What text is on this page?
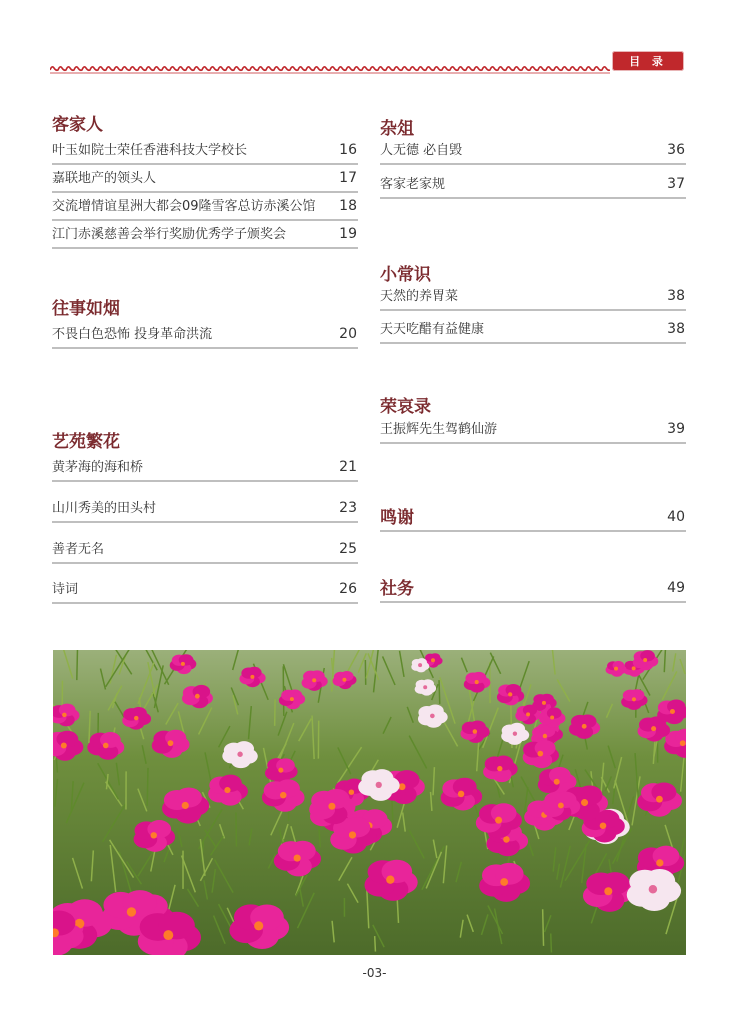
目 录
客家人
叶玉如院士荣任香港科技大学校长	16
嘉联地产的领头人	17
交流增情谊星洲大都会09隆雪客总访赤溪公馆 18
江门赤溪慈善会举行奖励优秀学子颁奖会	19
往事如烟
不畏白色恐怖 投身革命洪流	20
艺苑繁花
黄茅海的海和桥	21
山川秀美的田头村	23
善者无名	25
诗词	26
杂俎
人无德 必自毁	36
客家老家规	37
小常识
天然的养胃菜	38
天天吃醋有益健康	38
荣哀录
王振辉先生驾鹤仙游	39
鸣谢	40
社务	49
-03-
